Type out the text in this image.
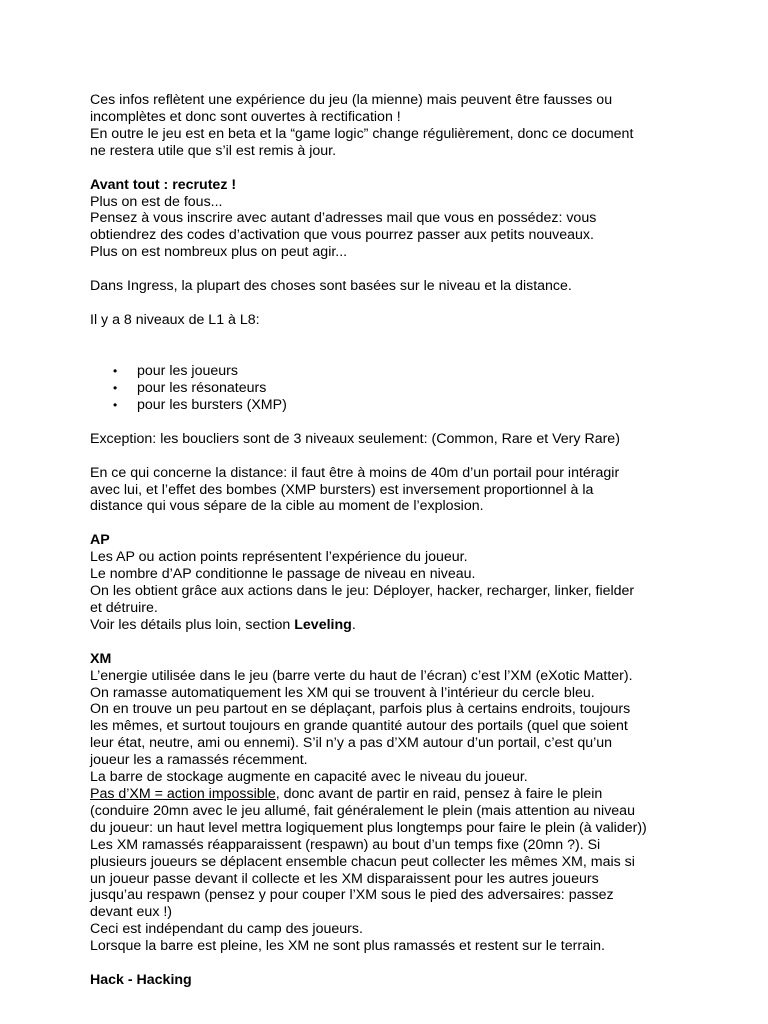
Ces infos reflètent une expérience du jeu (la mienne) mais peuvent être fausses ou

incomplètes et donc sont ouvertes à rectification !

En outre le jeu est en beta et la “game logic” change régulièrement, donc ce document

ne restera utile que s’il est remis à jour.

Avant tout : recrutez !

Plus on est de fous...

Pensez à vous inscrire avec autant d’adresses mail que vous en possédez: vous

obtiendrez des codes d’activation que vous pourrez passer aux petits nouveaux.

Plus on est nombreux plus on peut agir...

Dans Ingress, la plupart des choses sont basées sur le niveau et la distance.

Il y a 8 niveaux de L1 à L8:

• pour les joueurs
• pour les résonateurs
• pour les bursters (XMP)

Exception: les boucliers sont de 3 niveaux seulement: (Common, Rare et Very Rare)

En ce qui concerne la distance: il faut être à moins de 40m d’un portail pour intéragir

avec lui, et l’effet des bombes (XMP bursters) est inversement proportionnel à la

distance qui vous sépare de la cible au moment de l’explosion.

AP

Les AP ou action points représentent l’expérience du joueur.

Le nombre d’AP conditionne le passage de niveau en niveau.

On les obtient grâce aux actions dans le jeu: Déployer, hacker, recharger, linker, fielder

et détruire.

Voir les détails plus loin, section Leveling.

XM

L’energie utilisée dans le jeu (barre verte du haut de l’écran) c’est l’XM (eXotic Matter).

On ramasse automatiquement les XM qui se trouvent à l’intérieur du cercle bleu.

On en trouve un peu partout en se déplaçant, parfois plus à certains endroits, toujours

les mêmes, et surtout toujours en grande quantité autour des portails (quel que soient

leur état, neutre, ami ou ennemi). S’il n’y a pas d’XM autour d’un portail, c’est qu’un

joueur les a ramassés récemment.

La barre de stockage augmente en capacité avec le niveau du joueur.

Pas d’XM = action impossible, donc avant de partir en raid, pensez à faire le plein

(conduire 20mn avec le jeu allumé, fait généralement le plein (mais attention au niveau

du joueur: un haut level mettra logiquement plus longtemps pour faire le plein (à valider))

Les XM ramassés réapparaissent (respawn) au bout d’un temps fixe (20mn ?). Si

plusieurs joueurs se déplacent ensemble chacun peut collecter les mêmes XM, mais si

un joueur passe devant il collecte et les XM disparaissent pour les autres joueurs

jusqu’au respawn (pensez y pour couper l’XM sous le pied des adversaires: passez

devant eux !)

Ceci est indépendant du camp des joueurs.

Lorsque la barre est pleine, les XM ne sont plus ramassés et restent sur le terrain.

Hack - Hacking
